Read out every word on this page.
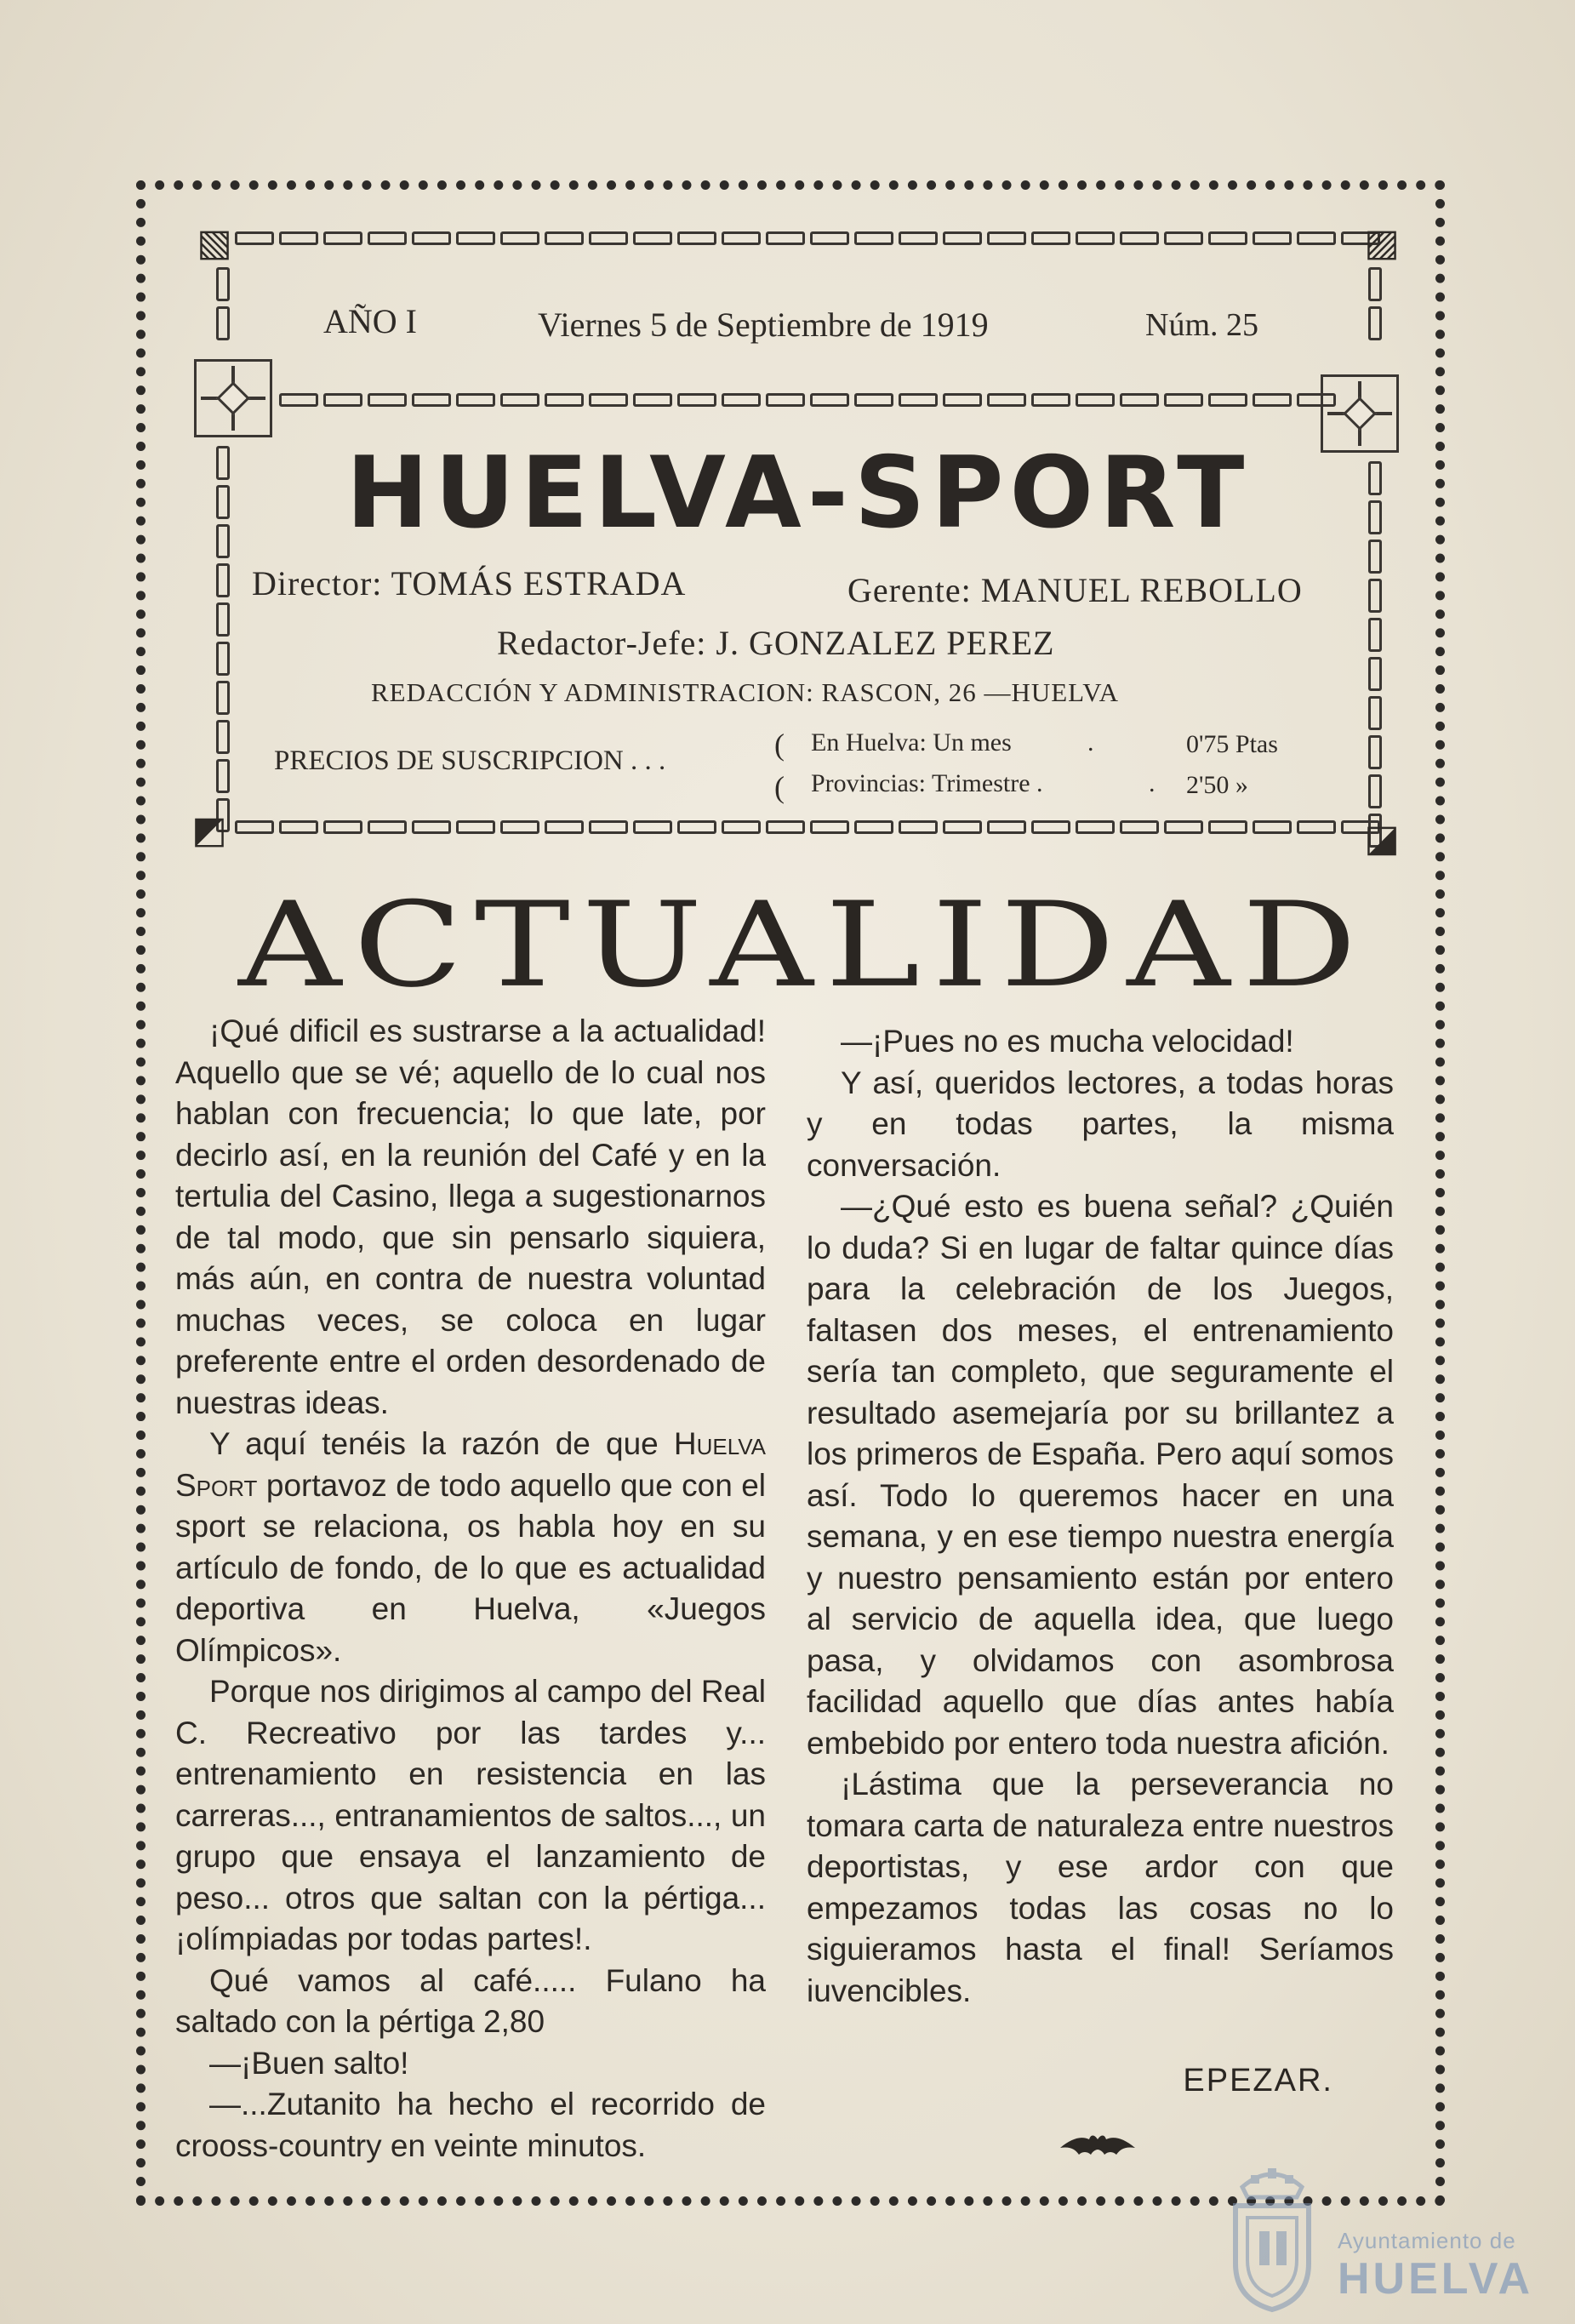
▧	▨
◩	◪
AÑO I	Viernes 5 de Septiembre de 1919	Núm. 25
HUELVA-SPORT
Director: TOMÁS ESTRADA	Gerente: MANUEL REBOLLO
Redactor-Jefe: J. GONZALEZ PEREZ
REDACCIÓN Y ADMINISTRACION: RASCON, 26 —HUELVA
PRECIOS DE SUSCRIPCION . . .	(
(
En Huelva: Un mes	.	0'75 Ptas
Provincias: Trimestre .	. 2'50 »
ACTUALIDAD

¡Qué dificil es sustrarse a la actualidad! Aquello que se vé; aquello de lo cual nos hablan con frecuencia; lo que late, por decirlo así, en la reunión del Café y en la tertulia del Casino, llega a sugestionarnos de tal modo, que sin pensarlo siquiera, más aún, en contra de nuestra voluntad muchas veces, se coloca en lugar preferente entre el orden desordenado de nuestras ideas.

Y aquí tenéis la razón de que Huelva Sport portavoz de todo aquello que con el sport se relaciona, os habla hoy en su artículo de fondo, de lo que es actualidad deportiva en Huelva, «Juegos Olímpicos».

Porque nos dirigimos al campo del Real C. Recreativo por las tardes y... entrenamiento en resistencia en las carreras..., entranamientos de saltos..., un grupo que ensaya el lanzamiento de peso... otros que saltan con la pértiga... ¡olímpiadas por todas partes!.

Qué vamos al café..... Fulano ha saltado con la pértiga 2,80

—¡Buen salto!

—...Zutanito ha hecho el recorrido de crooss-country en veinte minutos.

—¡Pues no es mucha velocidad!

Y así, queridos lectores, a todas horas y en todas partes, la misma conversación.

—¿Qué esto es buena señal? ¿Quién lo duda? Si en lugar de faltar quince días para la celebración de los Juegos, faltasen dos meses, el entrenamiento sería tan completo, que seguramente el resultado asemejaría por su brillantez a los primeros de España. Pero aquí somos así. Todo lo queremos hacer en una semana, y en ese tiempo nuestra energía y nuestro pensamiento están por entero al servicio de aquella idea, que luego pasa, y olvidamos con asombrosa facilidad aquello que días antes había embebido por entero toda nuestra afición.

¡Lástima que la perseverancia no tomara carta de naturaleza entre nuestros deportistas, y ese ardor con que empezamos todas las cosas no lo siguieramos hasta el final! Seríamos iuvencibles.

EPEZAR.
Ayuntamiento de
HUELVA
